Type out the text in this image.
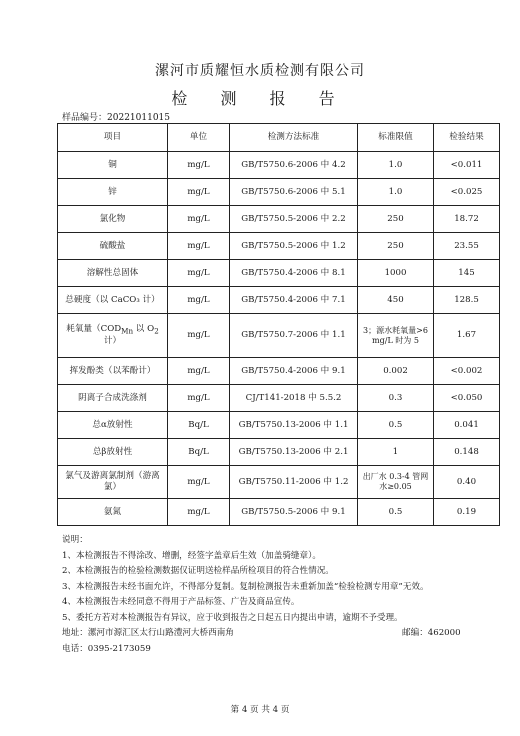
漯河市质耀恒水质检测有限公司
检 测 报 告
样品编号：20221011015
项目	单位	检测方法标准	标准限值	检验结果
铜	mg/L	GB/T5750.6-2006 中 4.2	1.0	<0.011
锌	mg/L	GB/T5750.6-2006 中 5.1	1.0	<0.025
氯化物	mg/L	GB/T5750.5-2006 中 2.2	250	18.72
硫酸盐	mg/L	GB/T5750.5-2006 中 1.2	250	23.55
溶解性总固体	mg/L	GB/T5750.4-2006 中 8.1	1000	145
总硬度（以 CaCO₃ 计）	mg/L	GB/T5750.4-2006 中 7.1	450	128.5
耗氧量（$COD_{Mn}$ 以 $O_2$ 计）	mg/L	GB/T5750.7-2006 中 1.1	3；源水耗氧量>6 mg/L 时为 5	1.67
挥发酚类（以苯酚计）	mg/L	GB/T5750.4-2006 中 9.1	0.002	<0.002
阴离子合成洗涤剂	mg/L	CJ/T141-2018 中 5.5.2	0.3	<0.050
总α放射性	Bq/L	GB/T5750.13-2006 中 1.1	0.5	0.041
总β放射性	Bq/L	GB/T5750.13-2006 中 2.1	1	0.148
氯气及游离氯制剂（游离氯）	mg/L	GB/T5750.11-2006 中 1.2	出厂水 0.3-4 管网水≥0.05	0.40
氨氮	mg/L	GB/T5750.5-2006 中 9.1	0.5	0.19
说明：
1、本检测报告不得涂改、增删，经签字盖章后生效（加盖骑缝章）。
2、本检测报告的检验检测数据仅证明送检样品所检项目的符合性情况。
3、本检测报告未经书面允许，不得部分复制。复制检测报告未重新加盖“检验检测专用章”无效。
4、本检测报告未经同意不得用于产品标签、广告及商品宣传。
5、委托方若对本检测报告有异议，应于收到报告之日起五日内提出申请，逾期不予受理。
地址：漯河市源汇区太行山路澧河大桥西南角	邮编：462000
电话：0395-2173059
第 4 页 共 4 页
